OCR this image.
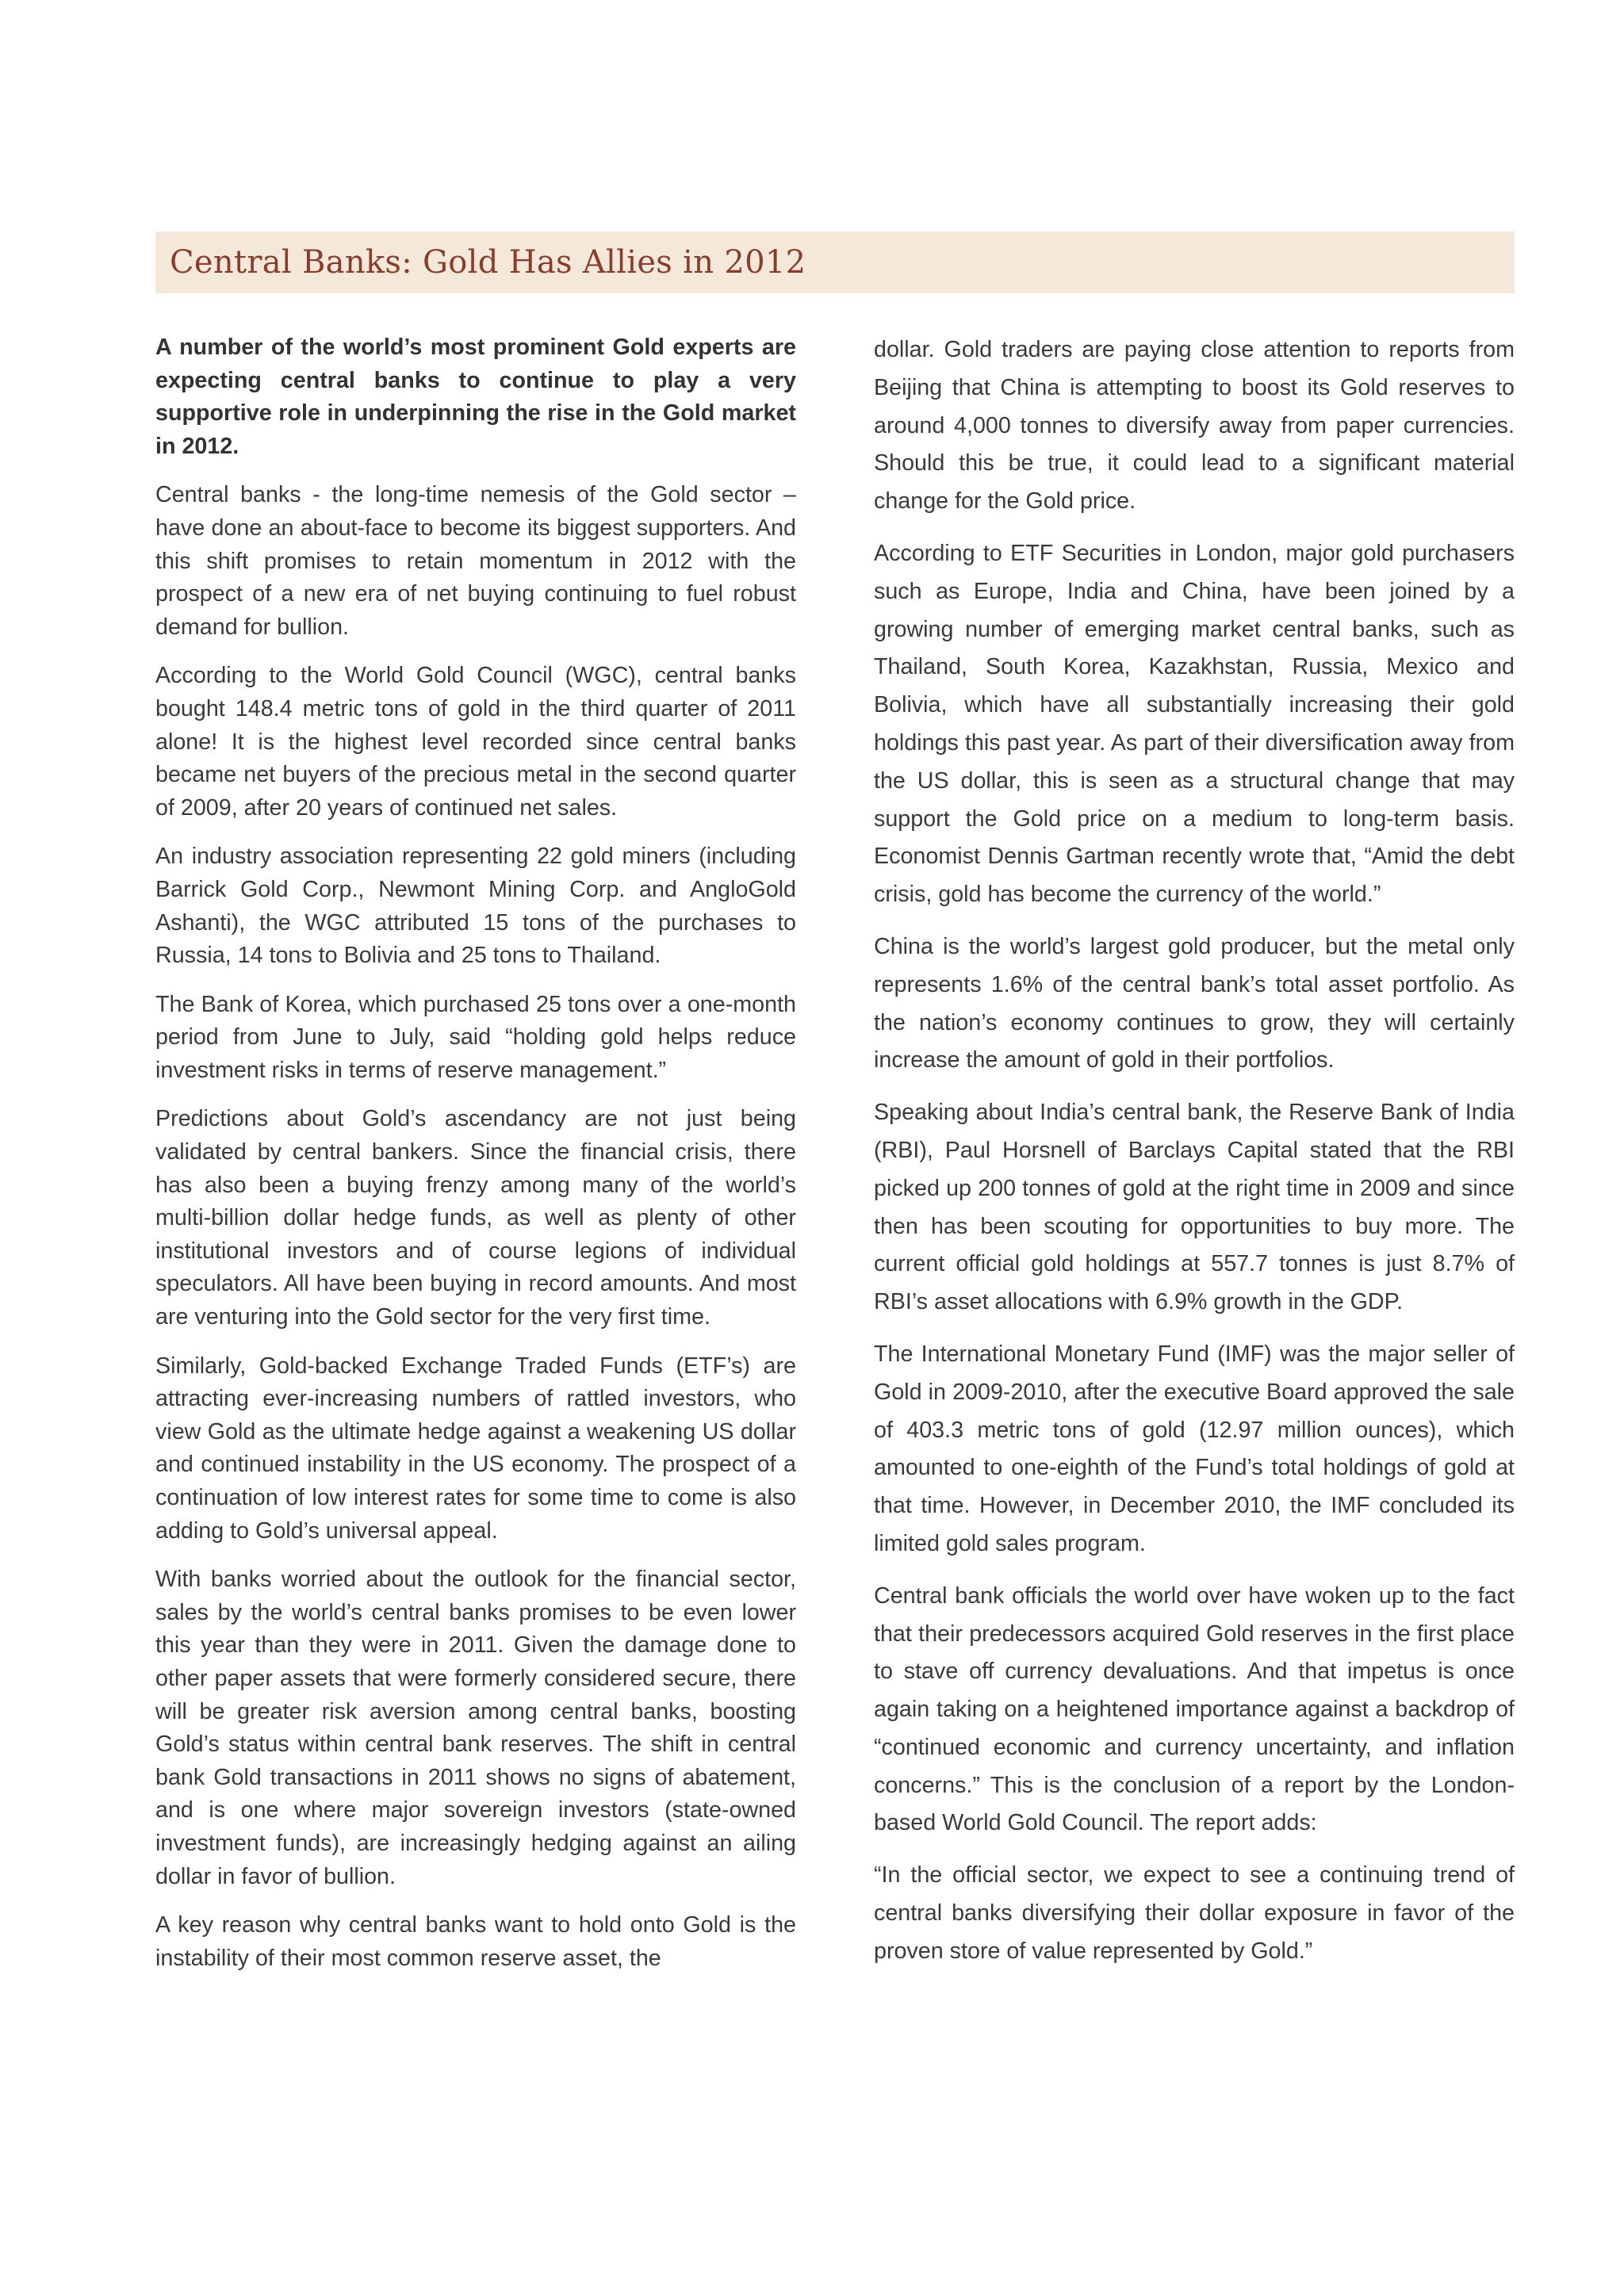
Central Banks: Gold Has Allies in 2012

A number of the world’s most prominent Gold experts are expecting central banks to continue to play a very supportive role in underpinning the rise in the Gold market in 2012.

Central banks - the long-time nemesis of the Gold sector – have done an about-face to become its biggest supporters. And this shift promises to retain momentum in 2012 with the prospect of a new era of net buying continuing to fuel robust demand for bullion.

According to the World Gold Council (WGC), central banks bought 148.4 metric tons of gold in the third quarter of 2011 alone! It is the highest level recorded since central banks became net buyers of the precious metal in the second quarter of 2009, after 20 years of continued net sales.

An industry association representing 22 gold miners (including Barrick Gold Corp., Newmont Mining Corp. and AngloGold Ashanti), the WGC attributed 15 tons of the purchases to Russia, 14 tons to Bolivia and 25 tons to Thailand.

The Bank of Korea, which purchased 25 tons over a one-month period from June to July, said “holding gold helps reduce investment risks in terms of reserve management.”

Predictions about Gold’s ascendancy are not just being validated by central bankers. Since the financial crisis, there has also been a buying frenzy among many of the world’s multi-billion dollar hedge funds, as well as plenty of other institutional investors and of course legions of individual speculators. All have been buying in record amounts. And most are venturing into the Gold sector for the very first time.

Similarly, Gold-backed Exchange Traded Funds (ETF’s) are attracting ever-increasing numbers of rattled investors, who view Gold as the ultimate hedge against a weakening US dollar and continued instability in the US economy. The prospect of a continuation of low interest rates for some time to come is also adding to Gold’s universal appeal.

With banks worried about the outlook for the financial sector, sales by the world’s central banks promises to be even lower this year than they were in 2011. Given the damage done to other paper assets that were formerly considered secure, there will be greater risk aversion among central banks, boosting Gold’s status within central bank reserves. The shift in central bank Gold transactions in 2011 shows no signs of abatement, and is one where major sovereign investors (state-owned investment funds), are increasingly hedging against an ailing dollar in favor of bullion.

A key reason why central banks want to hold onto Gold is the instability of their most common reserve asset, the

dollar. Gold traders are paying close attention to reports from Beijing that China is attempting to boost its Gold reserves to around 4,000 tonnes to diversify away from paper currencies. Should this be true, it could lead to a significant material change for the Gold price.

According to ETF Securities in London, major gold purchasers such as Europe, India and China, have been joined by a growing number of emerging market central banks, such as Thailand, South Korea, Kazakhstan, Russia, Mexico and Bolivia, which have all substantially increasing their gold holdings this past year. As part of their diversification away from the US dollar, this is seen as a structural change that may support the Gold price on a medium to long-term basis. Economist Dennis Gartman recently wrote that, “Amid the debt crisis, gold has become the currency of the world.”

China is the world’s largest gold producer, but the metal only represents 1.6% of the central bank’s total asset portfolio. As the nation’s economy continues to grow, they will certainly increase the amount of gold in their portfolios.

Speaking about India’s central bank, the Reserve Bank of India (RBI), Paul Horsnell of Barclays Capital stated that the RBI picked up 200 tonnes of gold at the right time in 2009 and since then has been scouting for opportunities to buy more. The current official gold holdings at 557.7 tonnes is just 8.7% of RBI’s asset allocations with 6.9% growth in the GDP.

The International Monetary Fund (IMF) was the major seller of Gold in 2009-2010, after the executive Board approved the sale of 403.3 metric tons of gold (12.97 million ounces), which amounted to one-eighth of the Fund’s total holdings of gold at that time. However, in December 2010, the IMF concluded its limited gold sales program.

Central bank officials the world over have woken up to the fact that their predecessors acquired Gold reserves in the first place to stave off currency devaluations. And that impetus is once again taking on a heightened importance against a backdrop of “continued economic and currency uncertainty, and inflation concerns.” This is the conclusion of a report by the London-based World Gold Council. The report adds:

“In the official sector, we expect to see a continuing trend of central banks diversifying their dollar exposure in favor of the proven store of value represented by Gold.”
